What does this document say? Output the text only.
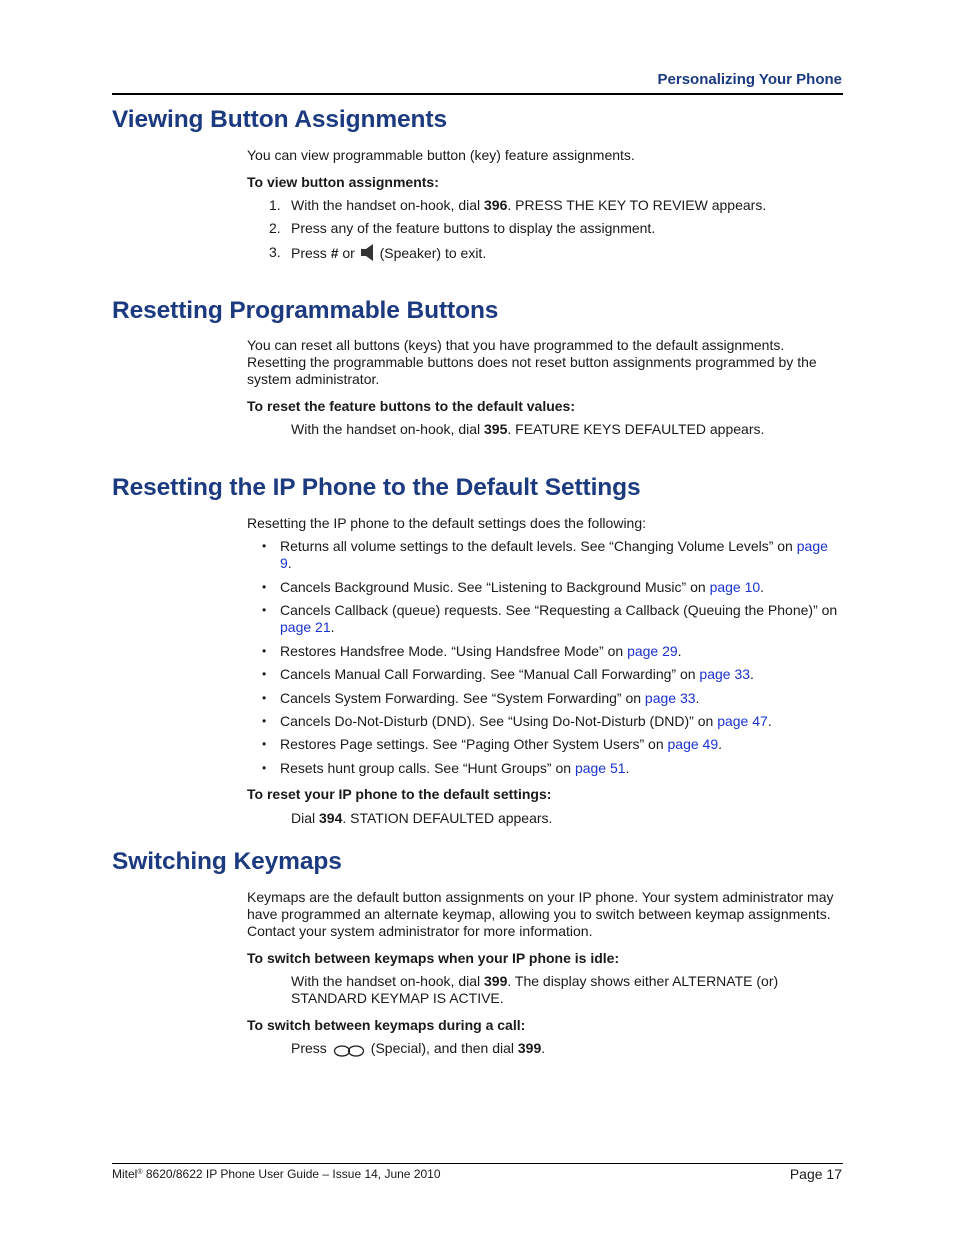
Personalizing Your Phone
Viewing Button Assignments

You can view programmable button (key) feature assignments.

To view button assignments:

1. With the handset on-hook, dial 396. PRESS THE KEY TO REVIEW appears.

2. Press any of the feature buttons to display the assignment.

3. Press # or (Speaker) to exit.

Resetting Programmable Buttons

You can reset all buttons (keys) that you have programmed to the default assignments. Resetting the programmable buttons does not reset button assignments programmed by the system administrator.

To reset the feature buttons to the default values:

With the handset on-hook, dial 395. FEATURE KEYS DEFAULTED appears.

Resetting the IP Phone to the Default Settings

Resetting the IP phone to the default settings does the following:

• Returns all volume settings to the default levels. See “Changing Volume Levels” on page 9.

• Cancels Background Music. See “Listening to Background Music” on page 10.

• Cancels Callback (queue) requests. See “Requesting a Callback (Queuing the Phone)” on page 21.

• Restores Handsfree Mode. “Using Handsfree Mode” on page 29.

• Cancels Manual Call Forwarding. See “Manual Call Forwarding” on page 33.

• Cancels System Forwarding. See “System Forwarding” on page 33.

• Cancels Do-Not-Disturb (DND). See “Using Do-Not-Disturb (DND)” on page 47.

• Restores Page settings. See “Paging Other System Users” on page 49.

• Resets hunt group calls. See “Hunt Groups” on page 51.

To reset your IP phone to the default settings:

Dial 394. STATION DEFAULTED appears.

Switching Keymaps

Keymaps are the default button assignments on your IP phone. Your system administrator may have programmed an alternate keymap, allowing you to switch between keymap assignments. Contact your system administrator for more information.

To switch between keymaps when your IP phone is idle:

With the handset on-hook, dial 399. The display shows either ALTERNATE (or) STANDARD KEYMAP IS ACTIVE.

To switch between keymaps during a call:

Press	(Special), and then dial 399.

Mitel® 8620/8622 IP Phone User Guide – Issue 14, June 2010	Page 17
